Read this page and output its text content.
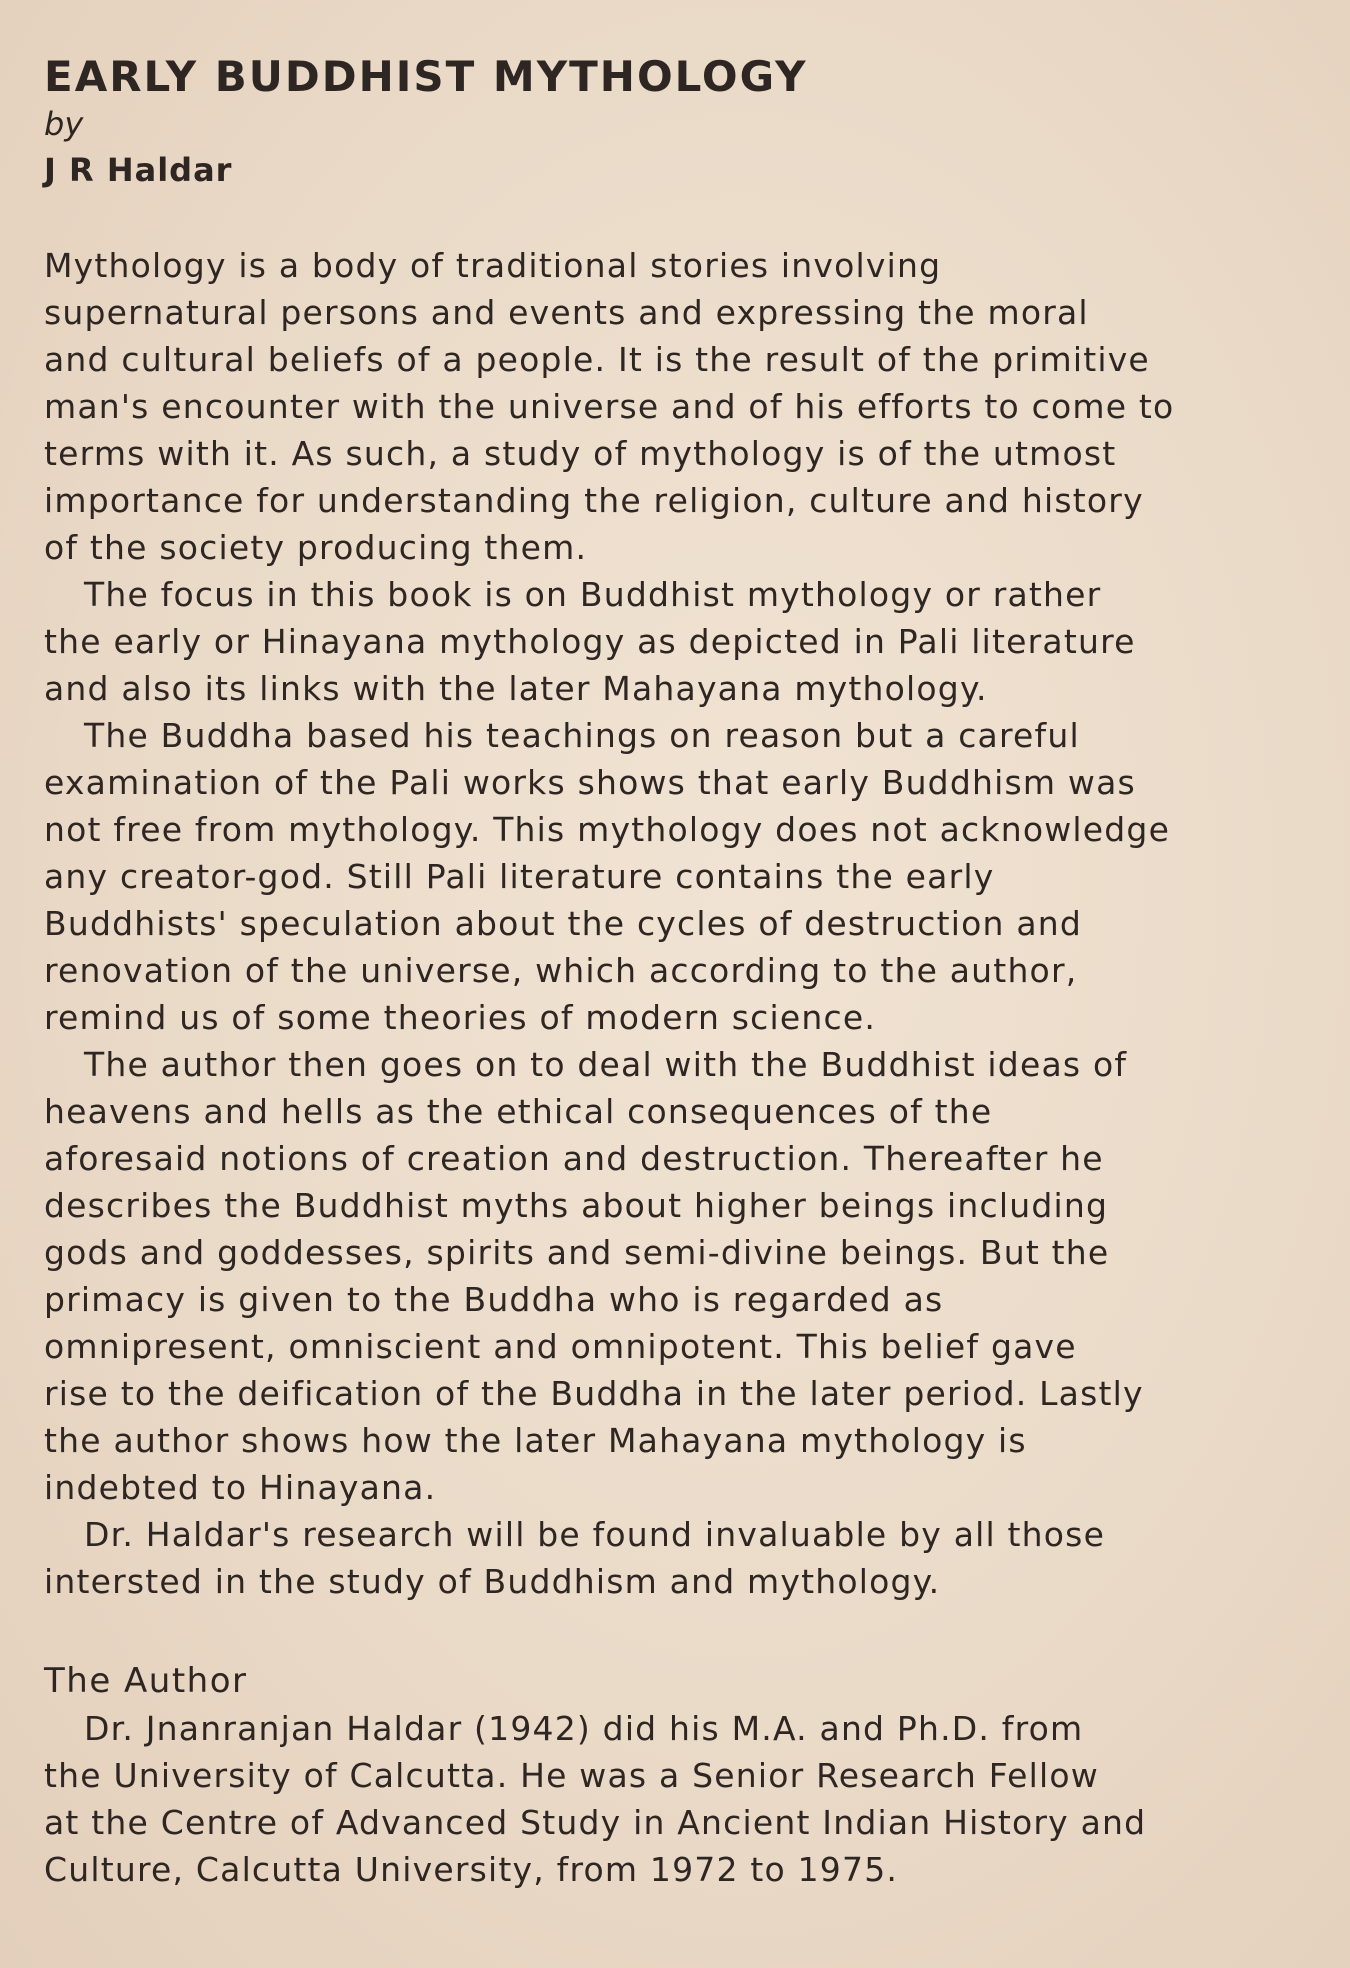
EARLY BUDDHIST MYTHOLOGY

by

J R Haldar

Mythology is a body of traditional stories involving
supernatural persons and events and expressing the moral
and cultural beliefs of a people. It is the result of the primitive
man's encounter with the universe and of his efforts to come to
terms with it. As such, a study of mythology is of the utmost
importance for understanding the religion, culture and history
of the society producing them.
The focus in this book is on Buddhist mythology or rather
the early or Hinayana mythology as depicted in Pali literature
and also its links with the later Mahayana mythology.
The Buddha based his teachings on reason but a careful
examination of the Pali works shows that early Buddhism was
not free from mythology. This mythology does not acknowledge
any creator-god. Still Pali literature contains the early
Buddhists' speculation about the cycles of destruction and
renovation of the universe, which according to the author,
remind us of some theories of modern science.
The author then goes on to deal with the Buddhist ideas of
heavens and hells as the ethical consequences of the
aforesaid notions of creation and destruction. Thereafter he
describes the Buddhist myths about higher beings including
gods and goddesses, spirits and semi-divine beings. But the
primacy is given to the Buddha who is regarded as
omnipresent, omniscient and omnipotent. This belief gave
rise to the deification of the Buddha in the later period. Lastly
the author shows how the later Mahayana mythology is
indebted to Hinayana.
Dr. Haldar's research will be found invaluable by all those
intersted in the study of Buddhism and mythology.

The Author

Dr. Jnanranjan Haldar (1942) did his M.A. and Ph.D. from
the University of Calcutta. He was a Senior Research Fellow
at the Centre of Advanced Study in Ancient Indian History and
Culture, Calcutta University, from 1972 to 1975.
